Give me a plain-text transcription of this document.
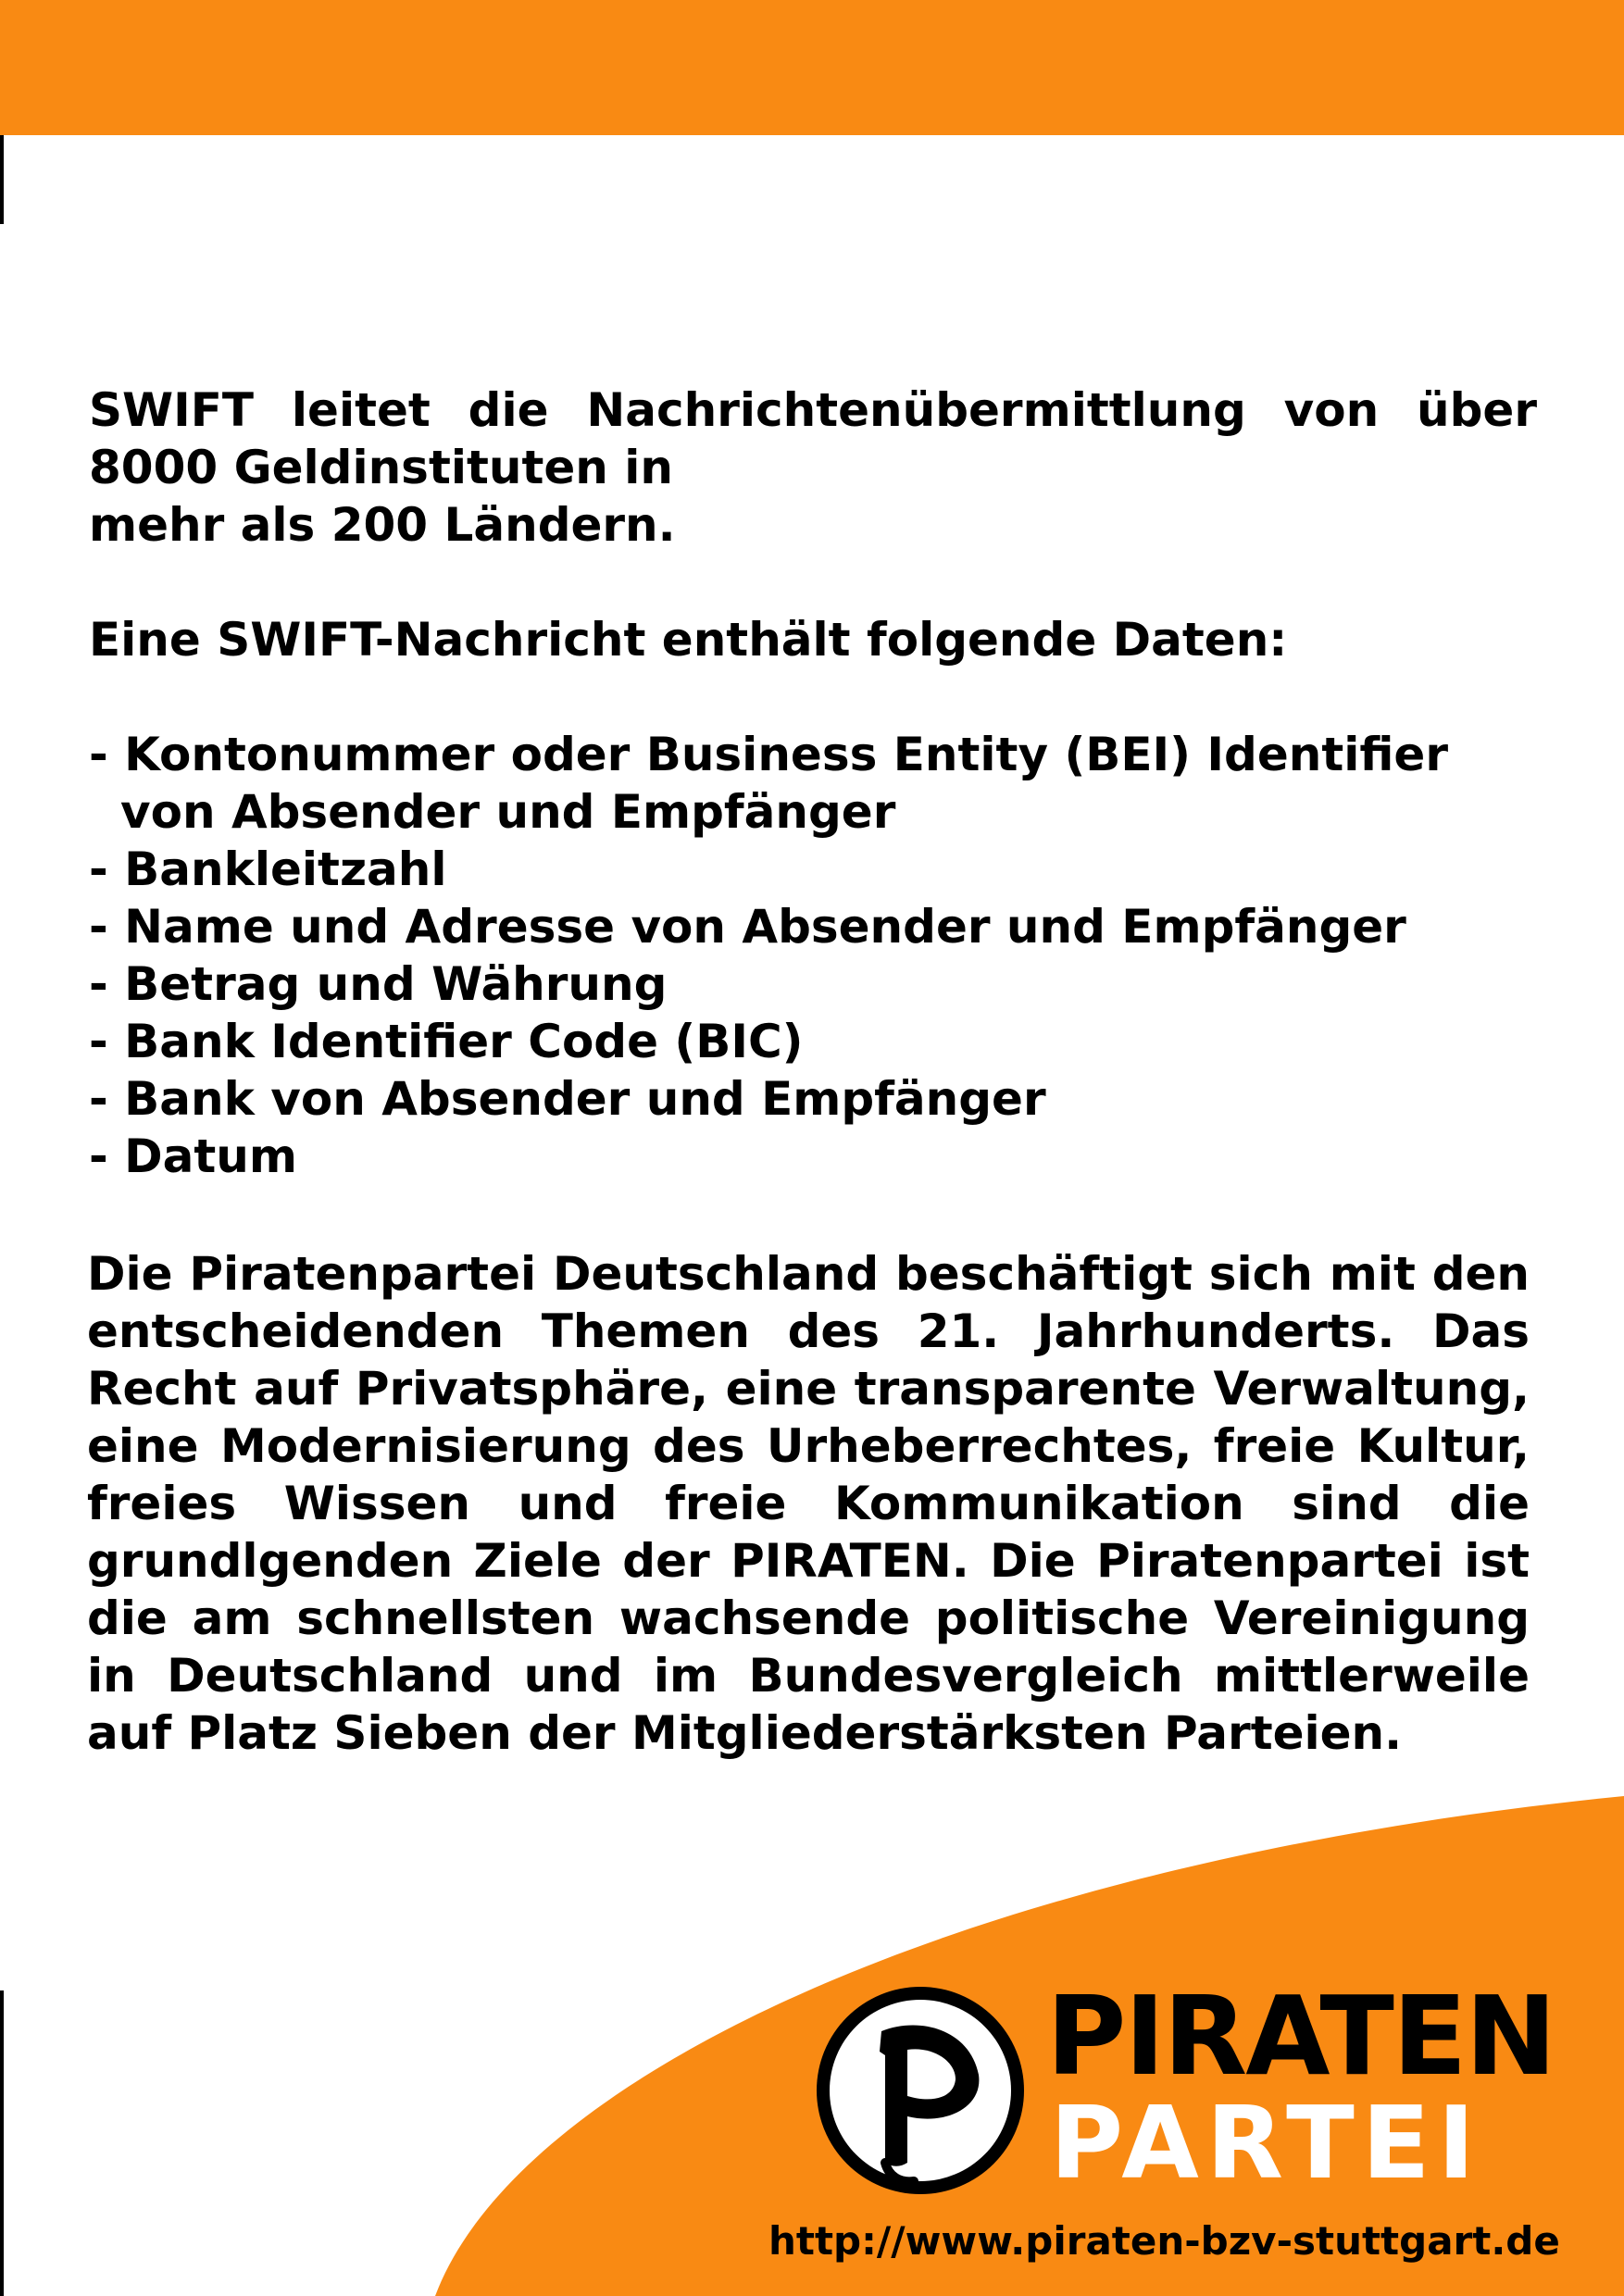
SWIFT leitet die Nachrichtenübermittlung von über
8000 Geldinstituten in
mehr als 200 Ländern.
Eine SWIFT-Nachricht enthält folgende Daten:
- Kontonummer oder Business Entity (BEI) Identifier
von Absender und Empfänger
- Bankleitzahl
- Name und Adresse von Absender und Empfänger
- Betrag und Währung
- Bank Identifier Code (BIC)
- Bank von Absender und Empfänger
- Datum
Die Piratenpartei Deutschland beschäftigt sich mit den
entscheidenden Themen des 21. Jahrhunderts. Das
Recht auf Privatsphäre, eine transparente Verwaltung,
eine Modernisierung des Urheberrechtes, freie Kultur,
freies Wissen und freie Kommunikation sind die
grundlgenden Ziele der PIRATEN. Die Piratenpartei ist
die am schnellsten wachsende politische Vereinigung
in Deutschland und im Bundesvergleich mittlerweile
auf Platz Sieben der Mitgliederstärksten Parteien.
PIRATEN
PARTEI
http://www.piraten-bzv-stuttgart.de
